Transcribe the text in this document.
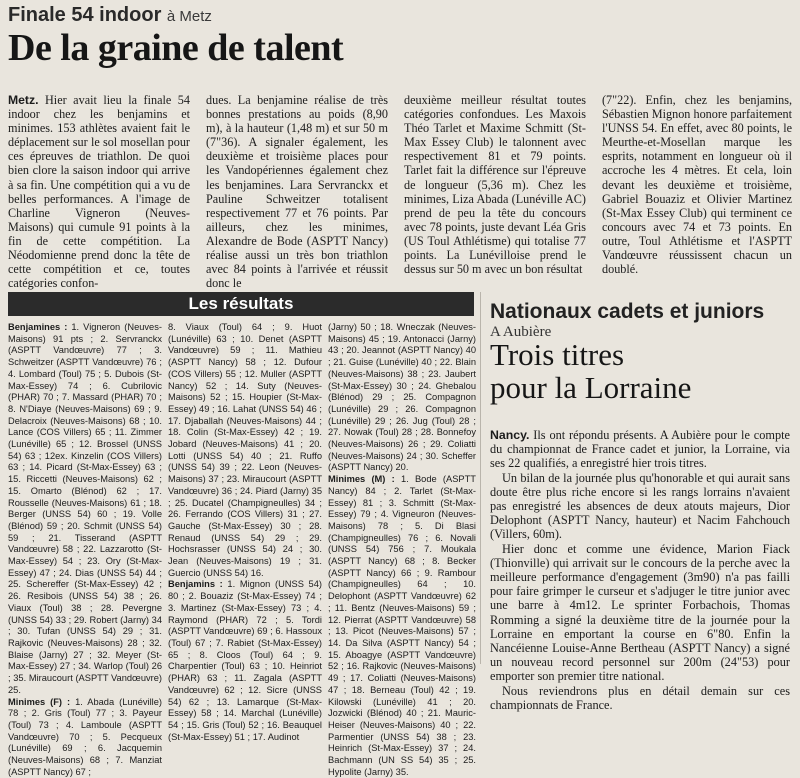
Finale 54 indoor à Metz
De la graine de talent
Metz. Hier avait lieu la finale 54 indoor chez les benjamins et minimes. 153 athlètes avaient fait le déplacement sur le sol mosellan pour ces épreuves de triathlon. De quoi bien clore la saison indoor qui arrive à sa fin. Une compétition qui a vu de belles performances. A l'image de Charline Vigneron (Neuves-Maisons) qui cumule 91 points à la fin de cette compétition. La Néodomienne prend donc la tête de cette compétition et ce, toutes catégories confon-
dues. La benjamine réalise de très bonnes prestations au poids (8,90 m), à la hauteur (1,48 m) et sur 50 m (7"36). A signaler également, les deuxième et troisième places pour les Vandopériennes également chez les benjamines. Lara Servranckx et Pauline Schweitzer totalisent respectivement 77 et 76 points. Par ailleurs, chez les minimes, Alexandre de Bode (ASPTT Nancy) réalise aussi un très bon triathlon avec 84 points à l'arrivée et réussit donc le
deuxième meilleur résultat toutes catégories confondues. Les Maxois Théo Tarlet et Maxime Schmitt (St-Max Essey Club) le talonnent avec respectivement 81 et 79 points. Tarlet fait la différence sur l'épreuve de longueur (5,36 m). Chez les minimes, Liza Abada (Lunéville AC) prend de peu la tête du concours avec 78 points, juste devant Léa Gris (US Toul Athlétisme) qui totalise 77 points. La Lunévilloise prend le dessus sur 50 m avec un bon résultat
(7"22). Enfin, chez les benjamins, Sébastien Mignon honore parfaitement l'UNSS 54. En effet, avec 80 points, le Meurthe-et-Mosellan marque les esprits, notamment en longueur où il accroche les 4 mètres. Et cela, loin devant les deuxième et troisième, Gabriel Bouaziz et Olivier Martinez (St-Max Essey Club) qui terminent ce concours avec 74 et 73 points. En outre, Toul Athlétisme et l'ASPTT Vandœuvre réussissent chacun un doublé.
Les résultats
Benjamines : 1. Vigneron (Neuves-Maisons) 91 pts ; 2. Servranckx (ASPTT Vandœuvre) 77 ; 3. Schweitzer (ASPTT Vandœuvre) 76 ; 4. Lombard (Toul) 75 ; 5. Dubois (St-Max-Essey) 74 ; 6. Cubrilovic (PHAR) 70 ; 7. Massard (PHAR) 70 ; 8. N'Diaye (Neuves-Maisons) 69 ; 9. Delacroix (Neuves-Maisons) 68 ; 10. Lance (COS Villers) 65 ; 11. Zimmer (Lunéville) 65 ; 12. Brossel (UNSS 54) 63 ; 12ex. Kinzelin (COS Villers) 63 ; 14. Picard (St-Max-Essey) 63 ; 15. Riccetti (Neuves-Maisons) 62 ; 15. Omarto (Blénod) 62 ; 17. Rousselle (Neuves-Maisons) 61 ; 18. Berger (UNSS 54) 60 ; 19. Volle (Blénod) 59 ; 20. Schmit (UNSS 54) 59 ; 21. Tisserand (ASPTT Vandœuvre) 58 ; 22. Lazzarotto (St-Max-Essey) 54 ; 23. Ory (St-Max-Essey) 47 ; 24. Dias (UNSS 54) 44 ; 25. Schereffer (St-Max-Essey) 42 ; 26. Resibois (UNSS 54) 38 ; 26. Viaux (Toul) 38 ; 28. Pevergne (UNSS 54) 33 ; 29. Robert (Jarny) 34 ; 30. Tufan (UNSS 54) 29 ; 31. Rajkovic (Neuves-Maisons) 28 ; 32. Blaise (Jarny) 27 ; 32. Meyer (St-Max-Essey) 27 ; 34. Warlop (Toul) 26 ; 35. Miraucourt (ASPTT Vandœuvre) 25.
Minimes (F) : 1. Abada (Lunéville) 78 ; 2. Gris (Toul) 77 ; 3. Payeur (Toul) 73 ; 4. Lamboule (ASPTT Vandœuvre) 70 ; 5. Pecqueux (Lunéville) 69 ; 6. Jacquemin (Neuves-Maisons) 68 ; 7. Manziat (ASPTT Nancy) 67 ;
8. Viaux (Toul) 64 ; 9. Huot (Lunéville) 63 ; 10. Denet (ASPTT Vandœuvre) 59 ; 11. Mathieu (ASPTT Nancy) 58 ; 12. Dufour (COS Villers) 55 ; 12. Muller (ASPTT Nancy) 52 ; 14. Suty (Neuves-Maisons) 52 ; 15. Houpier (St-Max-Essey) 49 ; 16. Lahat (UNSS 54) 46 ; 17. Djaballah (Neuves-Maisons) 44 ; 18. Colin (St-Max-Essey) 42 ; 19. Jobard (Neuves-Maisons) 41 ; 20. Lotti (UNSS 54) 40 ; 21. Ruffo (UNSS 54) 39 ; 22. Leon (Neuves-Maisons) 37 ; 23. Miraucourt (ASPTT Vandœuvre) 36 ; 24. Piard (Jarny) 35 ; 25. Ducatel (Champigneulles) 34 ; 26. Ferrando (COS Villers) 31 ; 27. Gauche (St-Max-Essey) 30 ; 28. Renaud (UNSS 54) 29 ; 29. Hochsrasser (UNSS 54) 24 ; 30. Jean (Neuves-Maisons) 19 ; 31. Guercio (UNSS 54) 16.
Benjamins : 1. Mignon (UNSS 54) 80 ; 2. Bouaziz (St-Max-Essey) 74 ; 3. Martinez (St-Max-Essey) 73 ; 4. Raymond (PHAR) 72 ; 5. Tordi (ASPTT Vandœuvre) 69 ; 6. Hassoux (Toul) 67 ; 7. Rabiet (St-Max-Essey) 65 ; 8. Cloos (Toul) 64 ; 9. Charpentier (Toul) 63 ; 10. Heinriot (PHAR) 63 ; 11. Zagala (ASPTT Vandœuvre) 62 ; 12. Sicre (UNSS 54) 62 ; 13. Lamarque (St-Max-Essey) 58 ; 14. Marchal (Lunéville) 54 ; 15. Gris (Toul) 52 ; 16. Beauquel (St-Max-Essey) 51 ; 17. Audinot
(Jarny) 50 ; 18. Wneczak (Neuves-Maisons) 45 ; 19. Antonacci (Jarny) 43 ; 20. Jeannot (ASPTT Nancy) 40 ; 21. Guise (Lunéville) 40 ; 22. Blain (Neuves-Maisons) 38 ; 23. Jaubert (St-Max-Essey) 30 ; 24. Ghebalou (Blénod) 29 ; 25. Compagnon (Lunéville) 29 ; 26. Compagnon (Lunéville) 29 ; 26. Jug (Toul) 28 ; 27. Nowak (Toul) 28 ; 28. Bonnefoy (Neuves-Maisons) 26 ; 29. Coliatti (Neuves-Maisons) 24 ; 30. Scheffer (ASPTT Nancy) 20.
Minimes (M) : 1. Bode (ASPTT Nancy) 84 ; 2. Tarlet (St-Max-Essey) 81 ; 3. Schmitt (St-Max-Essey) 79 ; 4. Vigneuron (Neuves-Maisons) 78 ; 5. Di Blasi (Champigneulles) 76 ; 6. Novali (UNSS 54) 756 ; 7. Moukala (ASPTT Nancy) 68 ; 8. Becker (ASPTT Nancy) 66 ; 9. Rambour (Champigneulles) 64 ; 10. Delophont (ASPTT Vandœuvre) 62 ; 11. Bentz (Neuves-Maisons) 59 ; 12. Pierrat (ASPTT Vandœuvre) 58 ; 13. Picot (Neuves-Maisons) 57 ; 14. Da Silva (ASPTT Nancy) 54 ; 15. Aboagye (ASPTT Vandœuvre) 52 ; 16. Rajkovic (Neuves-Maisons) 49 ; 17. Coliatti (Neuves-Maisons) 47 ; 18. Berneau (Toul) 42 ; 19. Kilowski (Lunéville) 41 ; 20. Jozwicki (Blénod) 40 ; 21. Mauric- Heiser (Neuves-Maisons) 40 ; 22. Parmentier (UNSS 54) 38 ; 23. Heinrich (St-Max-Essey) 37 ; 24. Bachmann (UN SS 54) 35 ; 25. Hypolite (Jarny) 35.
Nationaux cadets et juniors
A Aubière
Trois titres
pour la Lorraine

Nancy. Ils ont répondu présents. A Aubière pour le compte du championnat de France cadet et junior, la Lorraine, via ses 22 qualifiés, a enregistré hier trois titres.

Un bilan de la journée plus qu'honorable et qui aurait sans doute être plus riche encore si les rangs lorrains n'avaient pas enregistré les absences de deux atouts majeurs, Dior Delophont (ASPTT Nancy, hauteur) et Nacim Fahchouch (Villers, 60m).

Hier donc et comme une évidence, Marion Fiack (Thionville) qui arrivait sur le concours de la perche avec la meilleure performance d'engagement (3m90) n'a pas failli pour faire grimper le curseur et s'adjuger le titre junior avec une barre à 4m12. Le sprinter Forbachois, Thomas Romming a signé la deuxième titre de la journée pour la Lorraine en emportant la course en 6"80. Enfin la Nancéienne Louise-Anne Bertheau (ASPTT Nancy) a signé un nouveau record personnel sur 200m (24"53) pour emporter son premier titre national.

Nous reviendrons plus en détail demain sur ces championnats de France.
